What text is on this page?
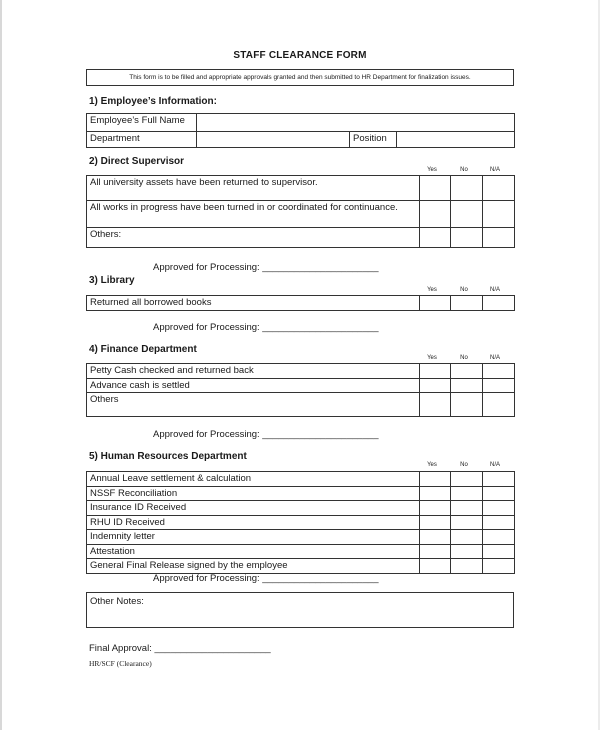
STAFF CLEARANCE FORM
This form is to be filled and appropriate approvals granted and then submitted to HR Department for finalization issues.
1) Employee’s Information:
Employee’s Full Name			
Department		Position	
2) Direct Supervisor
Yes	No	N/A
All university assets have been returned to supervisor.			
All works in progress have been turned in or coordinated for continuance.			
Others:			
Approved for Processing: ______________________
3) Library
Yes	No	N/A
Returned all borrowed books			
Approved for Processing: ______________________
4) Finance Department
Yes	No	N/A
Petty Cash checked and returned back			
Advance cash is settled			
Others			
Approved for Processing: ______________________
5) Human Resources Department
Yes	No	N/A
Annual Leave settlement & calculation			
NSSF Reconciliation			
Insurance ID Received			
RHU ID Received			
Indemnity letter			
Attestation			
General Final Release signed by the employee			
Approved for Processing: ______________________
Other Notes:
Final Approval: ______________________
HR/SCF (Clearance)
